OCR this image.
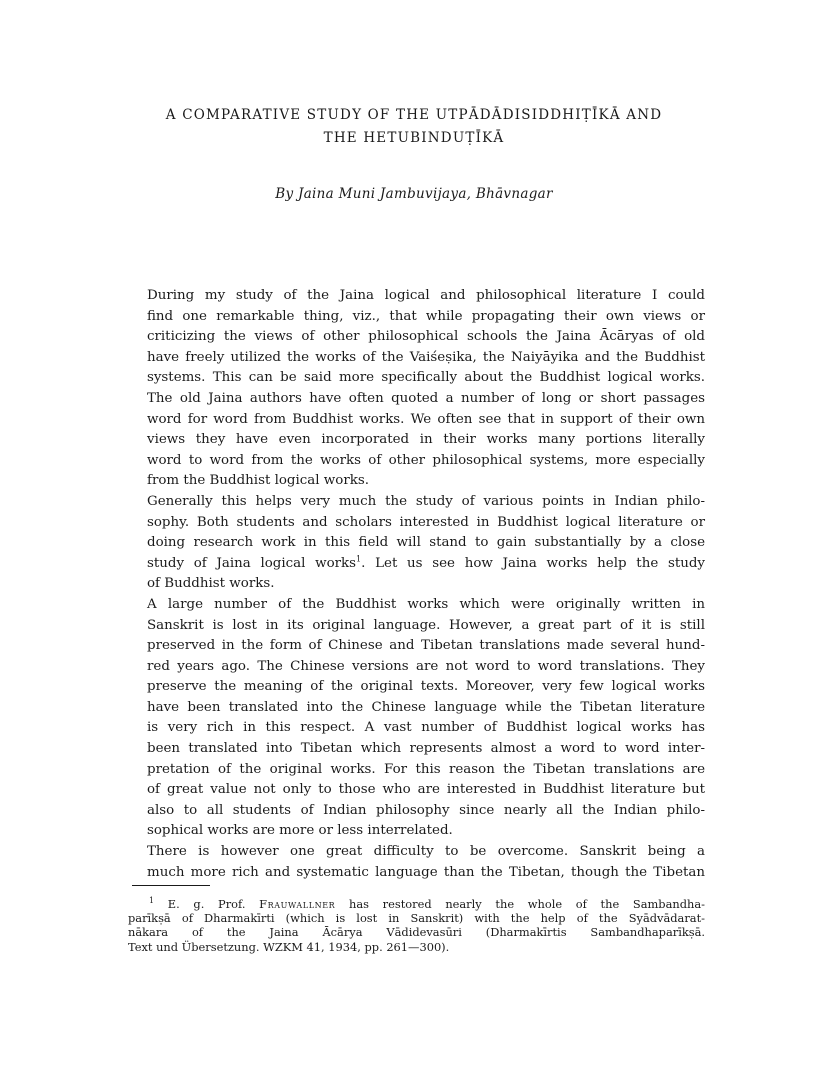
A COMPARATIVE STUDY OF THE UTPĀDĀDISIDDHIṬĪKĀ AND
THE HETUBINDUṬĪKĀ
By Jaina Muni Jambuvijaya, Bhāvnagar

During my study of the Jaina logical and philosophical literature I could
find one remarkable thing, viz., that while propagating their own views or
criticizing the views of other philosophical schools the Jaina Ācāryas of old
have freely utilized the works of the Vaiśeṣika, the Naiyāyika and the Buddhist
systems. This can be said more specifically about the Buddhist logical works.
The old Jaina authors have often quoted a number of long or short passages
word for word from Buddhist works. We often see that in support of their own
views they have even incorporated in their works many portions literally
word to word from the works of other philosophical systems, more especially
from the Buddhist logical works.

Generally this helps very much the study of various points in Indian philo-
sophy. Both students and scholars interested in Buddhist logical literature or
doing research work in this field will stand to gain substantially by a close
study of Jaina logical works$^1$. Let us see how Jaina works help the study
of Buddhist works.

A large number of the Buddhist works which were originally written in
Sanskrit is lost in its original language. However, a great part of it is still
preserved in the form of Chinese and Tibetan translations made several hund-
red years ago. The Chinese versions are not word to word translations. They
preserve the meaning of the original texts. Moreover, very few logical works
have been translated into the Chinese language while the Tibetan literature
is very rich in this respect. A vast number of Buddhist logical works has
been translated into Tibetan which represents almost a word to word inter-
pretation of the original works. For this reason the Tibetan translations are
of great value not only to those who are interested in Buddhist literature but
also to all students of Indian philosophy since nearly all the Indian philo-
sophical works are more or less interrelated.

There is however one great difficulty to be overcome. Sanskrit being a
much more rich and systematic language than the Tibetan, though the Tibetan

$^1$ E. g. Prof. Frauwallner has restored nearly the whole of the Sambandha-
parīkṣā of Dharmakīrti (which is lost in Sanskrit) with the help of the Syādvādarat-
nākara of the Jaina Ācārya Vādidevasūri (Dharmakīrtis Sambandhaparīkṣā.
Text und Übersetzung. WZKM 41, 1934, pp. 261—300).
